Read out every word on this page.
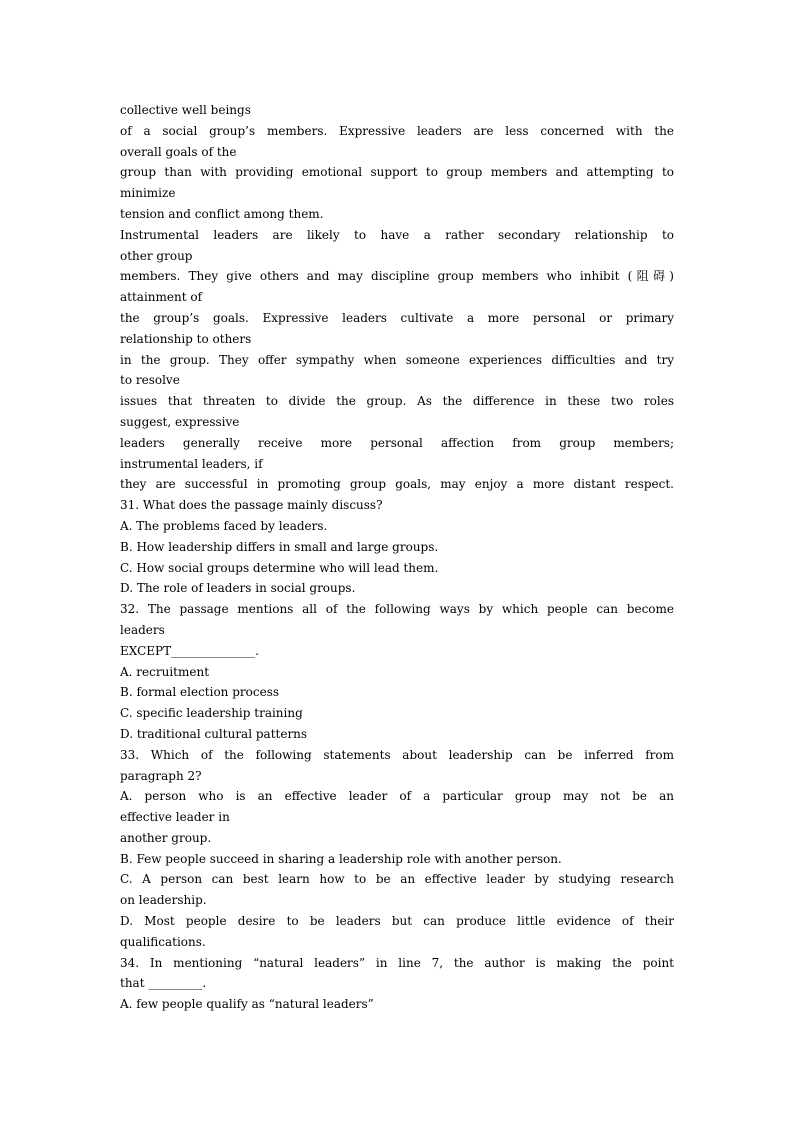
collective well beings
of a social group’s members. Expressive leaders are less concerned with the
overall goals of the
group than with providing emotional support to group members and attempting to
minimize
tension and conflict among them.
Instrumental leaders are likely to have a rather secondary relationship to
other group
members. They give others and may discipline group members who inhibit (阻碍)
attainment of
the group’s goals. Expressive leaders cultivate a more personal or primary
relationship to others
in the group. They offer sympathy when someone experiences difficulties and try
to resolve
issues that threaten to divide the group. As the difference in these two roles
suggest, expressive
leaders generally receive more personal affection from group members;
instrumental leaders, if
they are successful in promoting group goals, may enjoy a more distant respect.
31. What does the passage mainly discuss?
A. The problems faced by leaders.
B. How leadership differs in small and large groups.
C. How social groups determine who will lead them.
D. The role of leaders in social groups.
32. The passage mentions all of the following ways by which people can become
leaders
EXCEPT______________.
A. recruitment
B. formal election process
C. specific leadership training
D. traditional cultural patterns
33. Which of the following statements about leadership can be inferred from
paragraph 2?
A. person who is an effective leader of a particular group may not be an
effective leader in
another group.
B. Few people succeed in sharing a leadership role with another person.
C. A person can best learn how to be an effective leader by studying research
on leadership.
D. Most people desire to be leaders but can produce little evidence of their
qualifications.
34. In mentioning “natural leaders” in line 7, the author is making the point
that _________.
A. few people qualify as “natural leaders”
